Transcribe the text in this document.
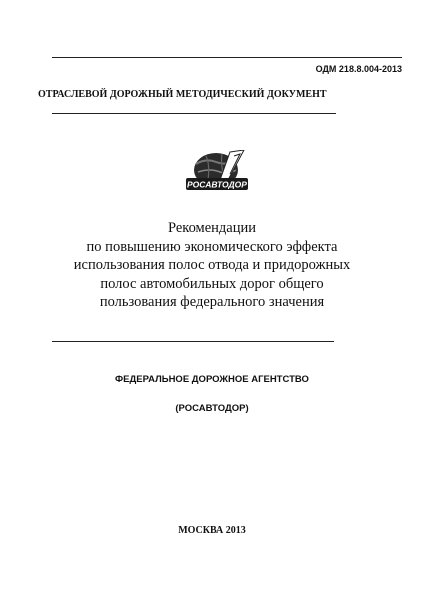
ОДМ 218.8.004-2013
ОТРАСЛЕВОЙ ДОРОЖНЫЙ МЕТОДИЧЕСКИЙ ДОКУМЕНТ
РОСАВТОДОР
Рекомендации
по повышению экономического эффекта
использования полос отвода и придорожных
полос автомобильных дорог общего
пользования федерального значения
ФЕДЕРАЛЬНОЕ ДОРОЖНОЕ АГЕНТСТВО
(РОСАВТОДОР)
МОСКВА 2013
